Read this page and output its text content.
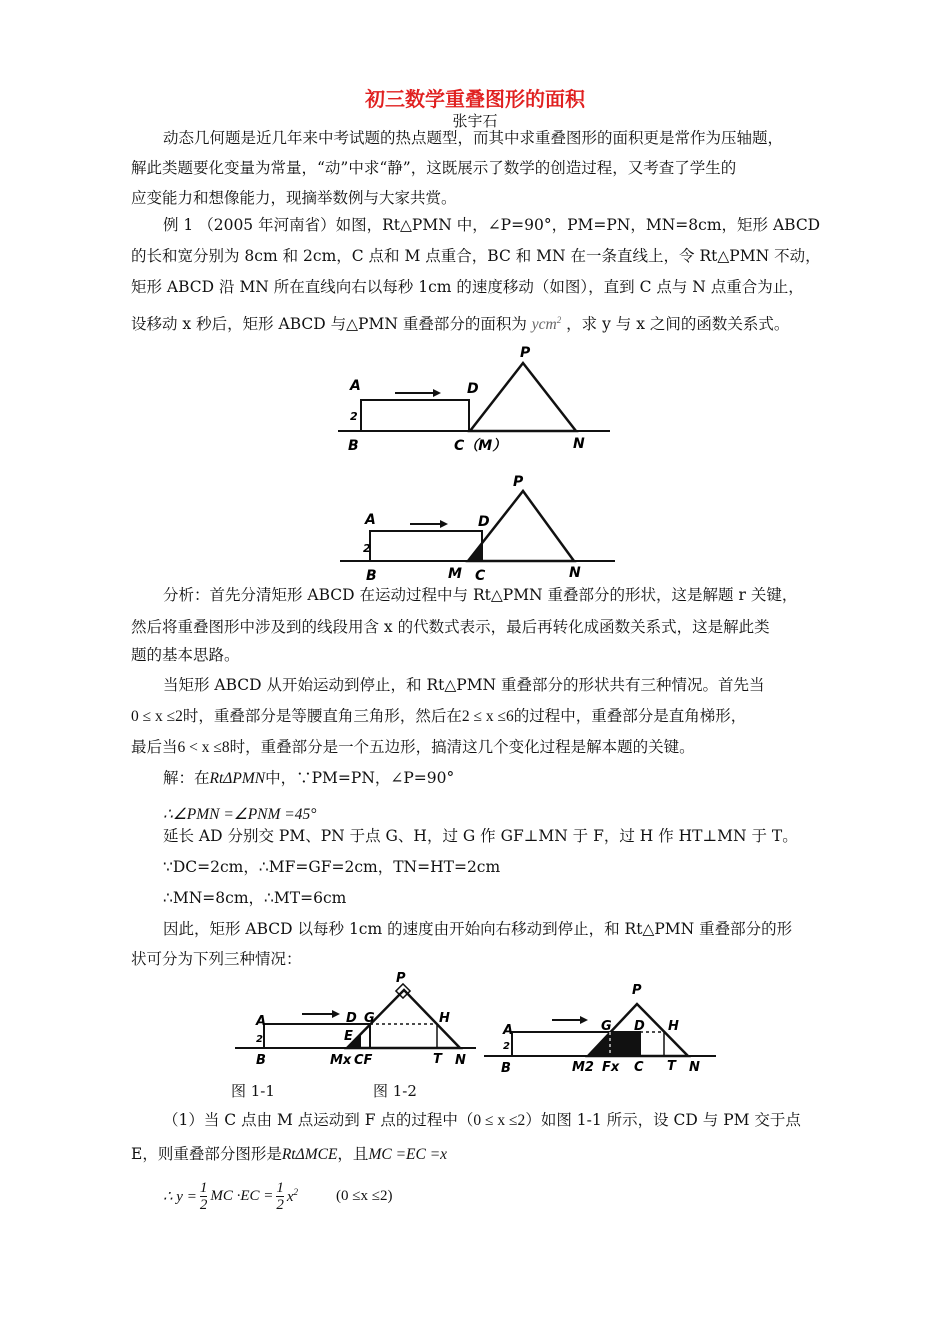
初三数学重叠图形的面积
张宇石
动态几何题是近几年来中考试题的热点题型，而其中求重叠图形的面积更是常作为压轴题，
解此类题要化变量为常量，“动”中求“静”，这既展示了数学的创造过程，又考查了学生的
应变能力和想像能力，现摘举数例与大家共赏。
例 1 （2005 年河南省）如图，Rt△PMN 中，∠P=90°，PM=PN，MN=8cm，矩形 ABCD
的长和宽分别为 8cm 和 2cm，C 点和 M 点重合，BC 和 MN 在一条直线上，令 Rt△PMN 不动，
矩形 ABCD 沿 MN 所在直线向右以每秒 1cm 的速度移动（如图），直到 C 点与 N 点重合为止，
设移动 x 秒后，矩形 ABCD 与△PMN 重叠部分的面积为 ycm$^2$ ，求 y 与 x 之间的函数关系式。
A
2
B
D
P
C（M）	N
A
2
B
D
P
M C	N
分析：首先分清矩形 ABCD 在运动过程中与 Rt△PMN 重叠部分的形状，这是解题 r 关键，
然后将重叠图形中涉及到的线段用含 x 的代数式表示，最后再转化成函数关系式，这是解此类
题的基本思路。
当矩形 ABCD 从开始运动到停止，和 Rt△PMN 重叠部分的形状共有三种情况。首先当
0 ≤ x ≤2时，重叠部分是等腰直角三角形，然后在2 ≤ x ≤6的过程中，重叠部分是直角梯形，
最后当6 < x ≤8时，重叠部分是一个五边形，搞清这几个变化过程是解本题的关键。
解：在RtΔPMN中，∵PM=PN，∠P=90°
∴∠PMN =∠PNM =45°
延长 AD 分别交 PM、PN 于点 G、H，过 G 作 GF⊥MN 于 F，过 H 作 HT⊥MN 于 T。
∵DC=2cm，∴MF=GF=2cm，TN=HT=2cm
∴MN=8cm，∴MT=6cm
因此，矩形 ABCD 以每秒 1cm 的速度由开始向右移动到停止，和 Rt△PMN 重叠部分的形
状可分为下列三种情况：
A
2
B
D G	H
E
P
Mx CF	T N
A
2
B
G D H
P
M2 Fx C T N
图 1-1	图 1-2
（1）当 C 点由 M 点运动到 F 点的过程中（0 ≤ x ≤2）如图 1-1 所示，设 CD 与 PM 交于点
E，则重叠部分图形是RtΔMCE，且MC =EC =x
∴ $y = \frac{1}{2}$ MC $\cdot EC = \frac{1}{2} x^2$	(0 ≤x ≤2)
